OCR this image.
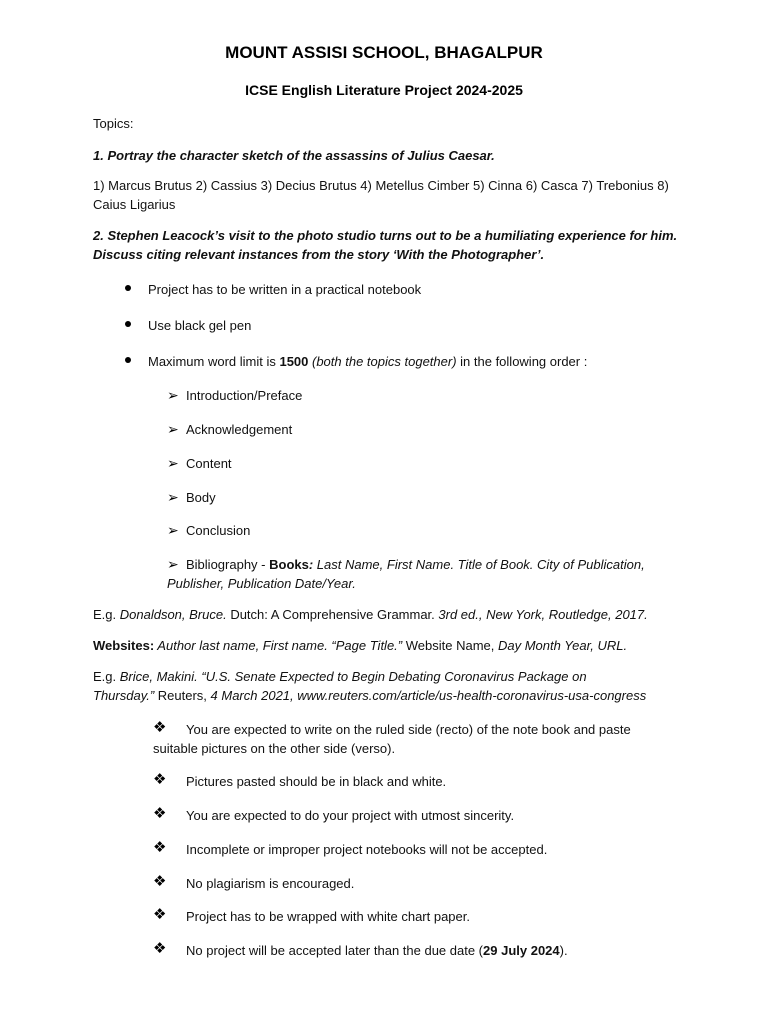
MOUNT ASSISI SCHOOL, BHAGALPUR
ICSE English Literature Project 2024-2025
Topics:
1. Portray the character sketch of the assassins of Julius Caesar.
1) Marcus Brutus 2) Cassius 3) Decius Brutus 4) Metellus Cimber 5) Cinna 6) Casca 7) Trebonius 8)
Caius Ligarius
2. Stephen Leacock’s visit to the photo studio turns out to be a humiliating experience for him.
Discuss citing relevant instances from the story ‘With the Photographer’.
Project has to be written in a practical notebook
Use black gel pen
Maximum word limit is 1500 (both the topics together) in the following order :
➢ Introduction/Preface
➢ Acknowledgement
➢ Content
➢ Body
➢ Conclusion
➢ Bibliography - Books: Last Name, First Name. Title of Book. City of Publication,
Publisher, Publication Date/Year.
E.g. Donaldson, Bruce. Dutch: A Comprehensive Grammar. 3rd ed., New York, Routledge, 2017.
Websites: Author last name, First name. “Page Title.” Website Name, Day Month Year, URL.
E.g. Brice, Makini. “U.S. Senate Expected to Begin Debating Coronavirus Package on
Thursday.” Reuters, 4 March 2021, www.reuters.com/article/us-health-coronavirus-usa-congress
❖ You are expected to write on the ruled side (recto) of the note book and paste
suitable pictures on the other side (verso).
❖ Pictures pasted should be in black and white.
❖ You are expected to do your project with utmost sincerity.
❖ Incomplete or improper project notebooks will not be accepted.
❖ No plagiarism is encouraged.
❖ Project has to be wrapped with white chart paper.
❖ No project will be accepted later than the due date (29 July 2024).
